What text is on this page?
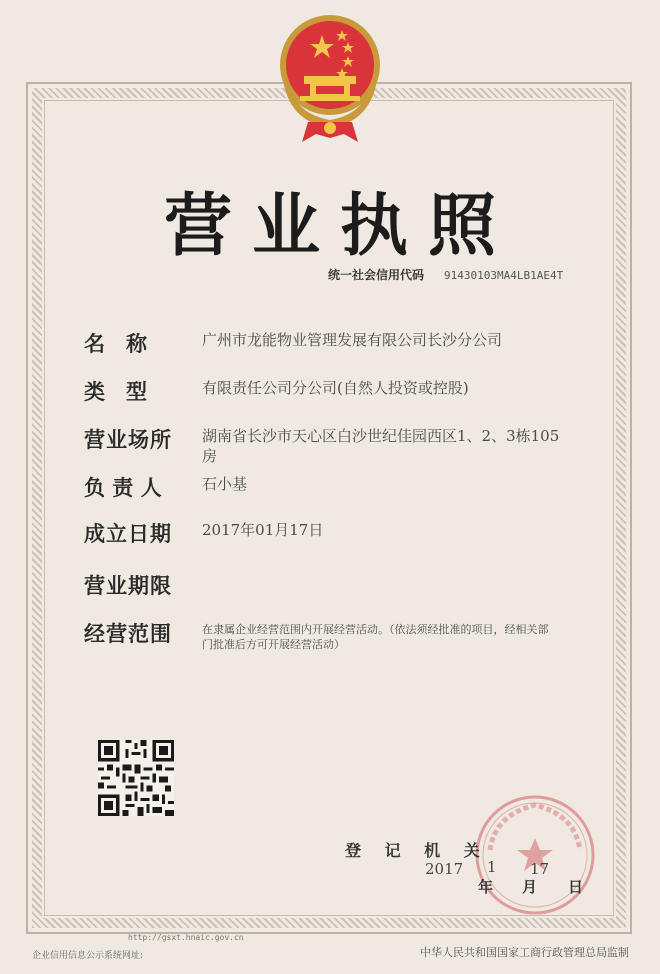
营业执照
统一社会信用代码 91430103MA4LB1AE4T
名　称	广州市龙能物业管理发展有限公司长沙分公司
类　型	有限责任公司分公司(自然人投资或控股)
营业场所	湖南省长沙市天心区白沙世纪佳园西区1、2、3栋105房
负 责 人	石小基
成立日期	2017年01月17日
营业期限
经营范围	在隶属企业经营范围内开展经营活动。（依法须经批准的项目，经相关部门批准后方可开展经营活动）
登 记 机 关
2017 1 17
年 月 日
http://gsxt.hnaic.gov.cn
企业信用信息公示系统网址:	中华人民共和国国家工商行政管理总局监制
